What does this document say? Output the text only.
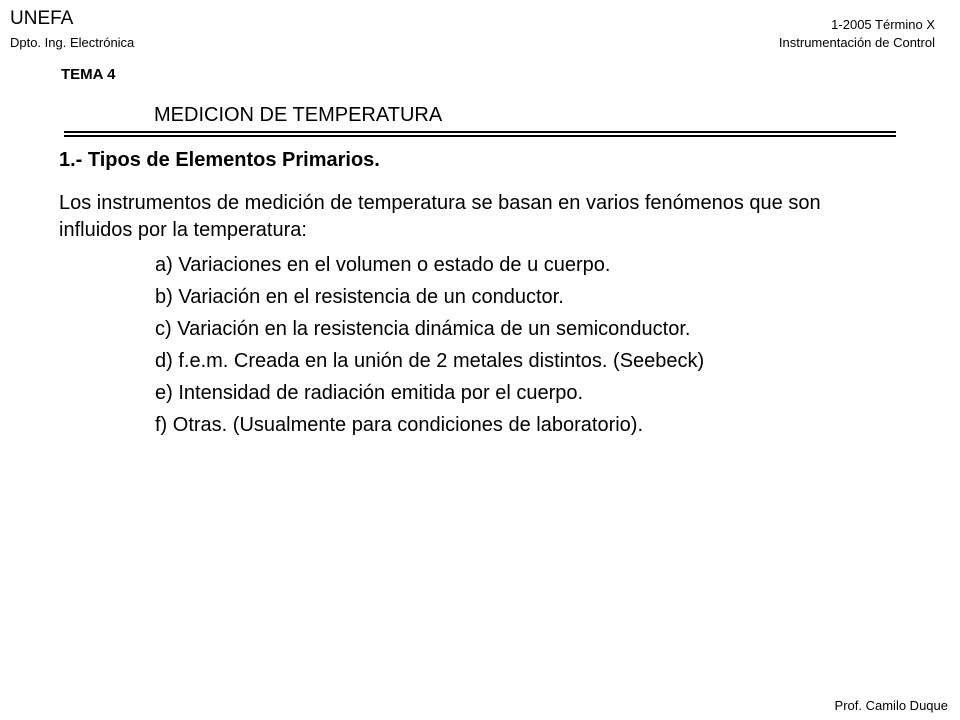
UNEFA
Dpto. Ing. Electrónica
1-2005 Término X
Instrumentación de Control
TEMA 4
MEDICION DE TEMPERATURA
1.- Tipos de Elementos Primarios.
Los instrumentos de medición de temperatura se basan en varios fenómenos que son influidos por la temperatura:
a) Variaciones en el volumen o estado de u cuerpo.
b) Variación en el resistencia de un conductor.
c) Variación en la resistencia dinámica de un semiconductor.
d) f.e.m. Creada en la unión de 2 metales distintos. (Seebeck)
e) Intensidad de radiación emitida por el cuerpo.
f) Otras. (Usualmente para condiciones de laboratorio).
Prof. Camilo Duque
